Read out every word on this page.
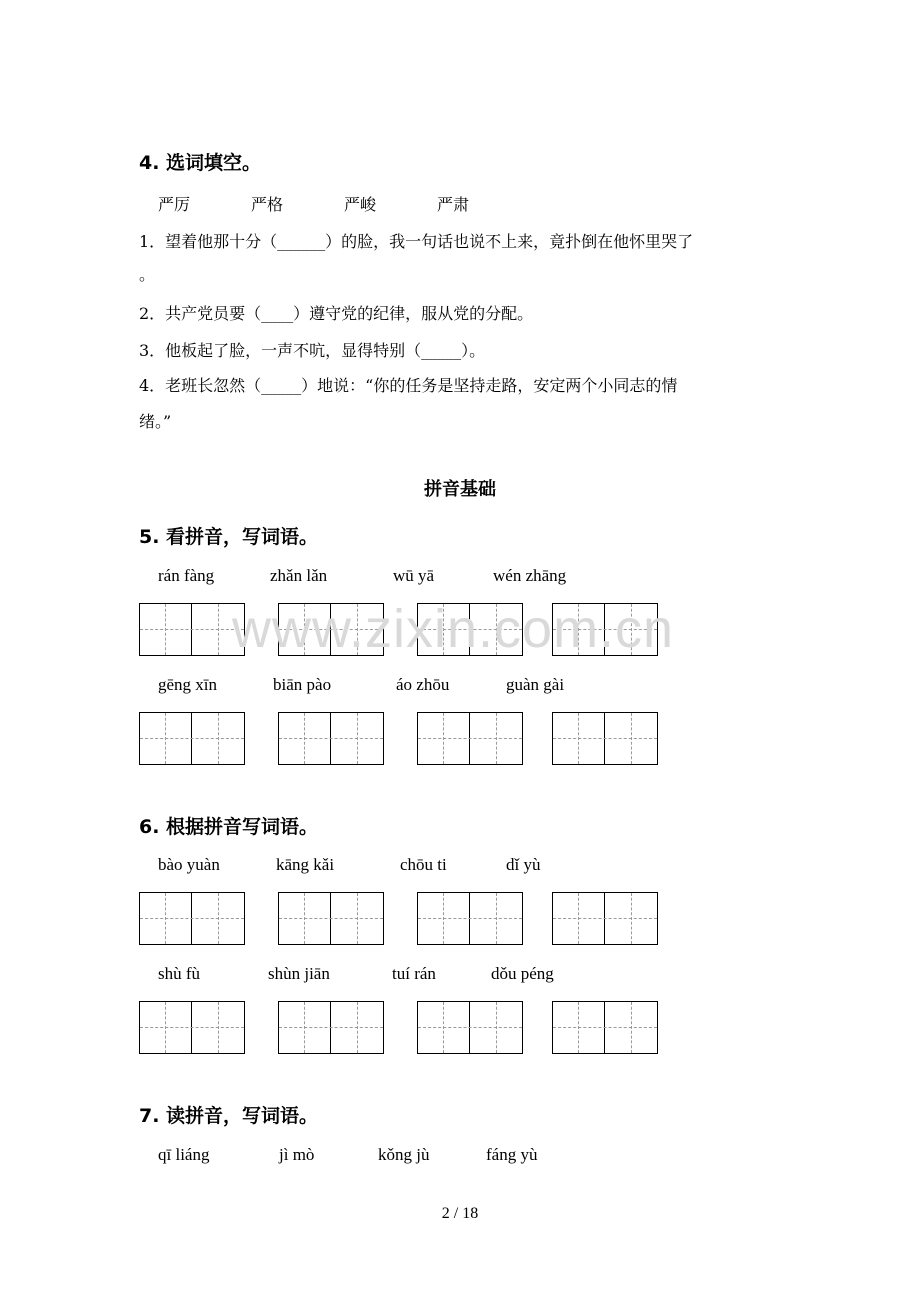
4. 选词填空。
严厉	严格	严峻	严肃
1．望着他那十分（______）的脸，我一句话也说不上来，竟扑倒在他怀里哭了
。
2．共产党员要（____）遵守党的纪律，服从党的分配。
3．他板起了脸，一声不吭，显得特别（_____）。
4．老班长忽然（_____）地说：“你的任务是坚持走路，安定两个小同志的情
绪。”
拼音基础
5. 看拼音，写词语。
rán fàng	zhǎn lǎn	wū yā	wén zhāng
gēng xīn	biān pào	áo zhōu	guàn gài
www.zixin.com.cn
6. 根据拼音写词语。
bào yuàn	kāng kǎi	chōu ti	dǐ yù
shù fù	shùn jiān	tuí rán	dǒu péng
7. 读拼音，写词语。
qī liáng	jì mò	kǒng jù	fáng yù
2 / 18
